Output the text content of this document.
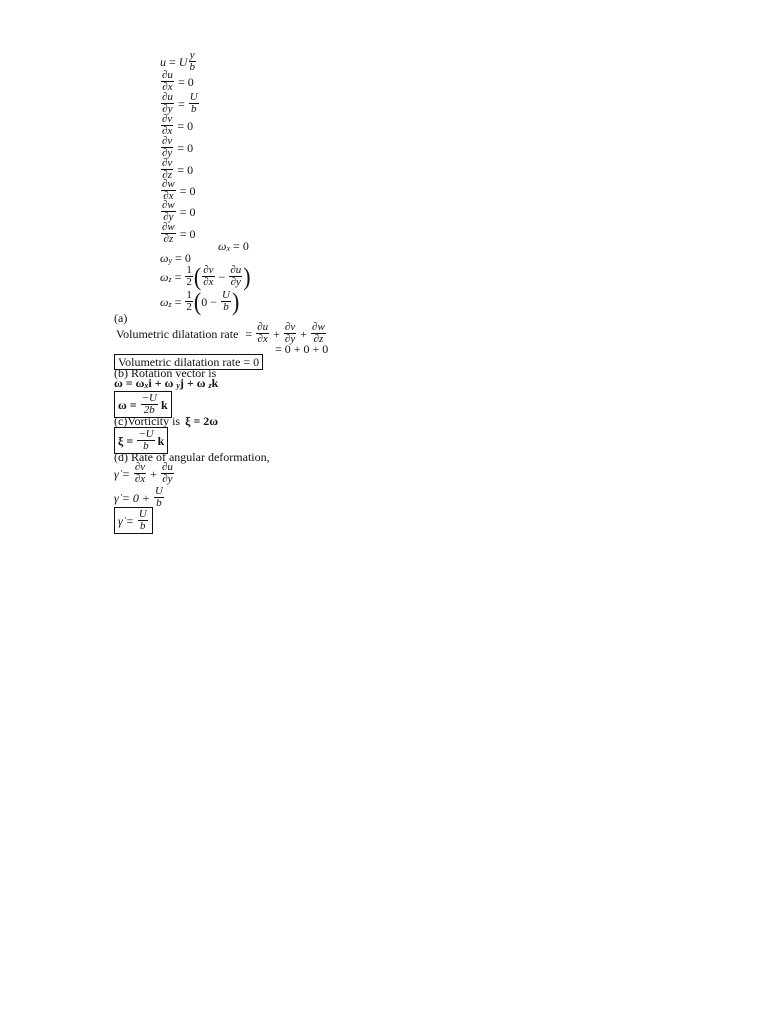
u = U $\frac{y}{b}$
$\frac{\partial u}{\partial x} = 0$
$\frac{\partial u}{\partial y} = \frac{U}{b}$
$\frac{\partial v}{\partial x} = 0$
$\frac{\partial v}{\partial y} = 0$
$\frac{\partial v}{\partial z} = 0$
$\frac{\partial w}{\partial x} = 0$
$\frac{\partial w}{\partial y} = 0$
$\frac{\partial w}{\partial z} = 0$
ω x = 0
ω y = 0
ω $z = \frac{1}{2}$ ( $\frac{\partial v}{\partial x} - \frac{\partial u}{\partial y}$ )
ω $z = \frac{1}{2}$ ( $0 - \frac{U}{b}$ )
(a)
Volumetric dilatation rate = $\frac{\partial u}{\partial x} + \frac{\partial v}{\partial y} + \frac{\partial w}{\partial z}$
= 0 + 0 + 0
Volumetric dilatation rate = 0
(b) Rotation vector is
ω = ω x i + ω y j + ω z k
$\omega = \frac{-U}{2b}$ k
(c)Vorticity is ξ = 2ω
$\xi = \frac{-U}{b}$ k
(d) Rate of angular deformation,
γ̇ = $\frac{\partial v}{\partial x} + \frac{\partial u}{\partial y}$
γ̇ = $0 + \frac{U}{b}$
γ̇ = $\frac{U}{b}$
